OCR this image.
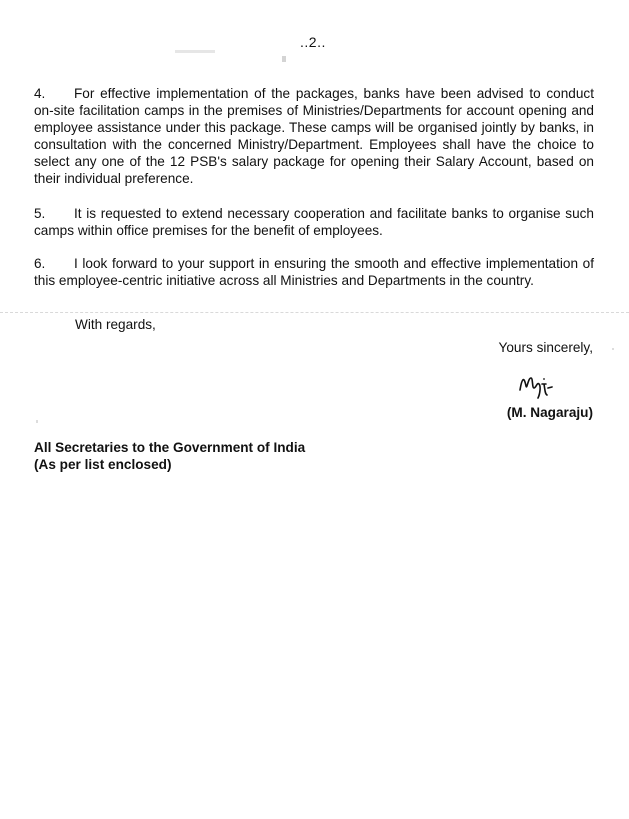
..2..

4. For effective implementation of the packages, banks have been advised to conduct on-site facilitation camps in the premises of Ministries/Departments for account opening and employee assistance under this package. These camps will be organised jointly by banks, in consultation with the concerned Ministry/Department. Employees shall have the choice to select any one of the 12 PSB's salary package for opening their Salary Account, based on their individual preference.

5. It is requested to extend necessary cooperation and facilitate banks to organise such camps within office premises for the benefit of employees.

6. I look forward to your support in ensuring the smooth and effective implementation of this employee-centric initiative across all Ministries and Departments in the country.

With regards,
Yours sincerely,
(M. Nagaraju)
All Secretaries to the Government of India
(As per list enclosed)
